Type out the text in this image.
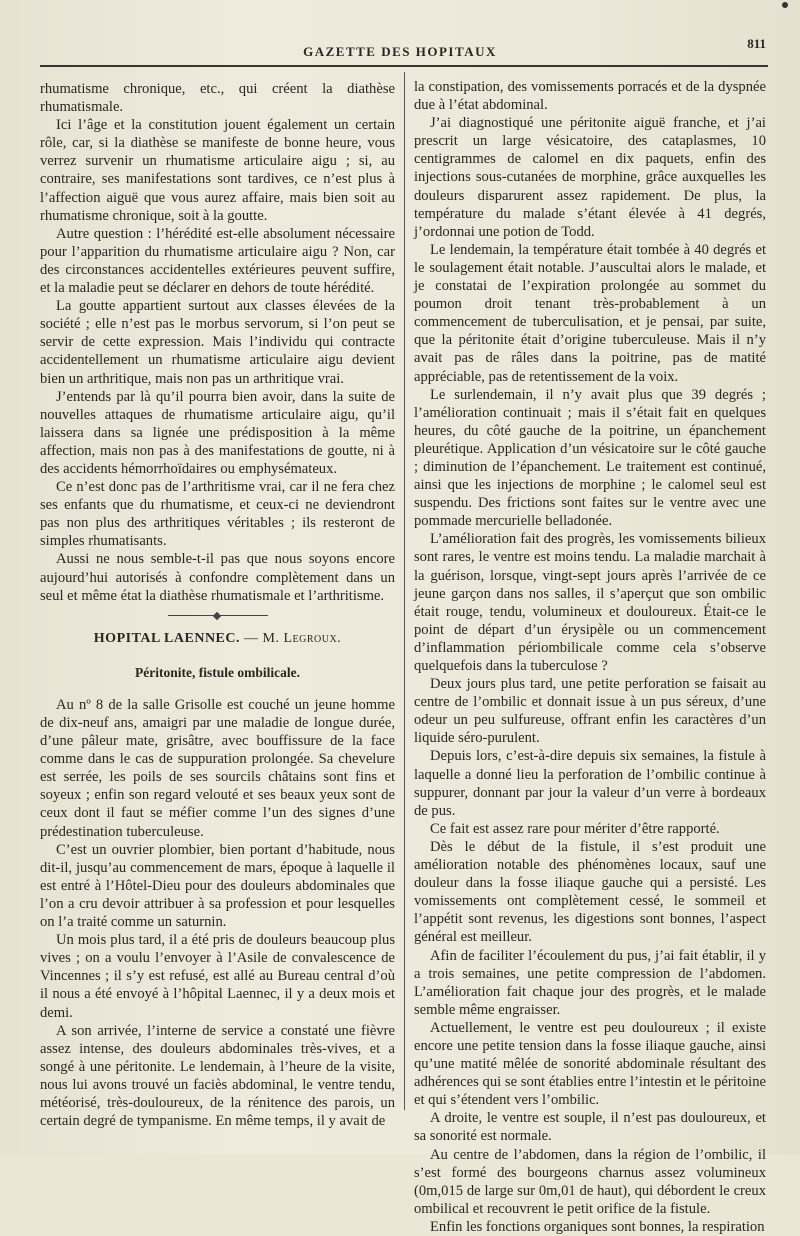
GAZETTE DES HOPITAUX
811

rhumatisme chronique, etc., qui créent la diathèse rhumatismale.

Ici l’âge et la constitution jouent également un certain rôle, car, si la diathèse se manifeste de bonne heure, vous verrez survenir un rhumatisme articulaire aigu ; si, au contraire, ses manifestations sont tardives, ce n’est plus à l’affection aiguë que vous aurez affaire, mais bien soit au rhumatisme chronique, soit à la goutte.

Autre question : l’hérédité est-elle absolument nécessaire pour l’apparition du rhumatisme articulaire aigu ? Non, car des circonstances accidentelles extérieures peuvent suffire, et la maladie peut se déclarer en dehors de toute hérédité.

La goutte appartient surtout aux classes élevées de la société ; elle n’est pas le morbus servorum, si l’on peut se servir de cette expression. Mais l’individu qui contracte accidentellement un rhumatisme articulaire aigu devient bien un arthritique, mais non pas un arthritique vrai.

J’entends par là qu’il pourra bien avoir, dans la suite de nouvelles attaques de rhumatisme articulaire aigu, qu’il laissera dans sa lignée une prédisposition à la même affection, mais non pas à des manifestations de goutte, ni à des accidents hémorrhoïdaires ou emphysémateux.

Ce n’est donc pas de l’arthritisme vrai, car il ne fera chez ses enfants que du rhumatisme, et ceux-ci ne deviendront pas non plus des arthritiques véritables ; ils resteront de simples rhumatisants.

Aussi ne nous semble-t-il pas que nous soyons encore aujourd’hui autorisés à confondre complètement dans un seul et même état la diathèse rhumatismale et l’arthritisme.

HOPITAL LAENNEC. — M. Legroux.
Péritonite, fistule ombilicale.

Au nº 8 de la salle Grisolle est couché un jeune homme de dix-neuf ans, amaigri par une maladie de longue durée, d’une pâleur mate, grisâtre, avec bouffissure de la face comme dans le cas de suppuration prolongée. Sa chevelure est serrée, les poils de ses sourcils châtains sont fins et soyeux ; enfin son regard velouté et ses beaux yeux sont de ceux dont il faut se méfier comme l’un des signes d’une prédestination tuberculeuse.

C’est un ouvrier plombier, bien portant d’habitude, nous dit-il, jusqu’au commencement de mars, époque à laquelle il est entré à l’Hôtel-Dieu pour des douleurs abdominales que l’on a cru devoir attribuer à sa profession et pour lesquelles on l’a traité comme un saturnin.

Un mois plus tard, il a été pris de douleurs beaucoup plus vives ; on a voulu l’envoyer à l’Asile de convalescence de Vincennes ; il s’y est refusé, est allé au Bureau central d’où il nous a été envoyé à l’hôpital Laennec, il y a deux mois et demi.

A son arrivée, l’interne de service a constaté une fièvre assez intense, des douleurs abdominales très-vives, et a songé à une péritonite. Le lendemain, à l’heure de la visite, nous lui avons trouvé un faciès abdominal, le ventre tendu, météorisé, très-douloureux, de la rénitence des parois, un certain degré de tympanisme. En même temps, il y avait de

la constipation, des vomissements porracés et de la dyspnée due à l’état abdominal.

J’ai diagnostiqué une péritonite aiguë franche, et j’ai prescrit un large vésicatoire, des cataplasmes, 10 centigrammes de calomel en dix paquets, enfin des injections sous-cutanées de morphine, grâce auxquelles les douleurs disparurent assez rapidement. De plus, la température du malade s’étant élevée à 41 degrés, j’ordonnai une potion de Todd.

Le lendemain, la température était tombée à 40 degrés et le soulagement était notable. J’auscultai alors le malade, et je constatai de l’expiration prolongée au sommet du poumon droit tenant très-probablement à un commencement de tuberculisation, et je pensai, par suite, que la péritonite était d’origine tuberculeuse. Mais il n’y avait pas de râles dans la poitrine, pas de matité appréciable, pas de retentissement de la voix.

Le surlendemain, il n’y avait plus que 39 degrés ; l’amélioration continuait ; mais il s’était fait en quelques heures, du côté gauche de la poitrine, un épanchement pleurétique. Application d’un vésicatoire sur le côté gauche ; diminution de l’épanchement. Le traitement est continué, ainsi que les injections de morphine ; le calomel seul est suspendu. Des frictions sont faites sur le ventre avec une pommade mercurielle belladonée.

L’amélioration fait des progrès, les vomissements bilieux sont rares, le ventre est moins tendu. La maladie marchait à la guérison, lorsque, vingt-sept jours après l’arrivée de ce jeune garçon dans nos salles, il s’aperçut que son ombilic était rouge, tendu, volumineux et douloureux. Était-ce le point de départ d’un érysipèle ou un commencement d’inflammation périombilicale comme cela s’observe quelquefois dans la tuberculose ?

Deux jours plus tard, une petite perforation se faisait au centre de l’ombilic et donnait issue à un pus séreux, d’une odeur un peu sulfureuse, offrant enfin les caractères d’un liquide séro-purulent.

Depuis lors, c’est-à-dire depuis six semaines, la fistule à laquelle a donné lieu la perforation de l’ombilic continue à suppurer, donnant par jour la valeur d’un verre à bordeaux de pus.

Ce fait est assez rare pour mériter d’être rapporté.

Dès le début de la fistule, il s’est produit une amélioration notable des phénomènes locaux, sauf une douleur dans la fosse iliaque gauche qui a persisté. Les vomissements ont complètement cessé, le sommeil et l’appétit sont revenus, les digestions sont bonnes, l’aspect général est meilleur.

Afin de faciliter l’écoulement du pus, j’ai fait établir, il y a trois semaines, une petite compression de l’abdomen. L’amélioration fait chaque jour des progrès, et le malade semble même engraisser.

Actuellement, le ventre est peu douloureux ; il existe encore une petite tension dans la fosse iliaque gauche, ainsi qu’une matité mêlée de sonorité abdominale résultant des adhérences qui se sont établies entre l’intestin et le péritoine et qui s’étendent vers l’ombilic.

A droite, le ventre est souple, il n’est pas douloureux, et sa sonorité est normale.

Au centre de l’abdomen, dans la région de l’ombilic, il s’est formé des bourgeons charnus assez volumineux (0m,015 de large sur 0m,01 de haut), qui débordent le creux ombilical et recouvrent le petit orifice de la fistule.

Enfin les fonctions organiques sont bonnes, la respiration
